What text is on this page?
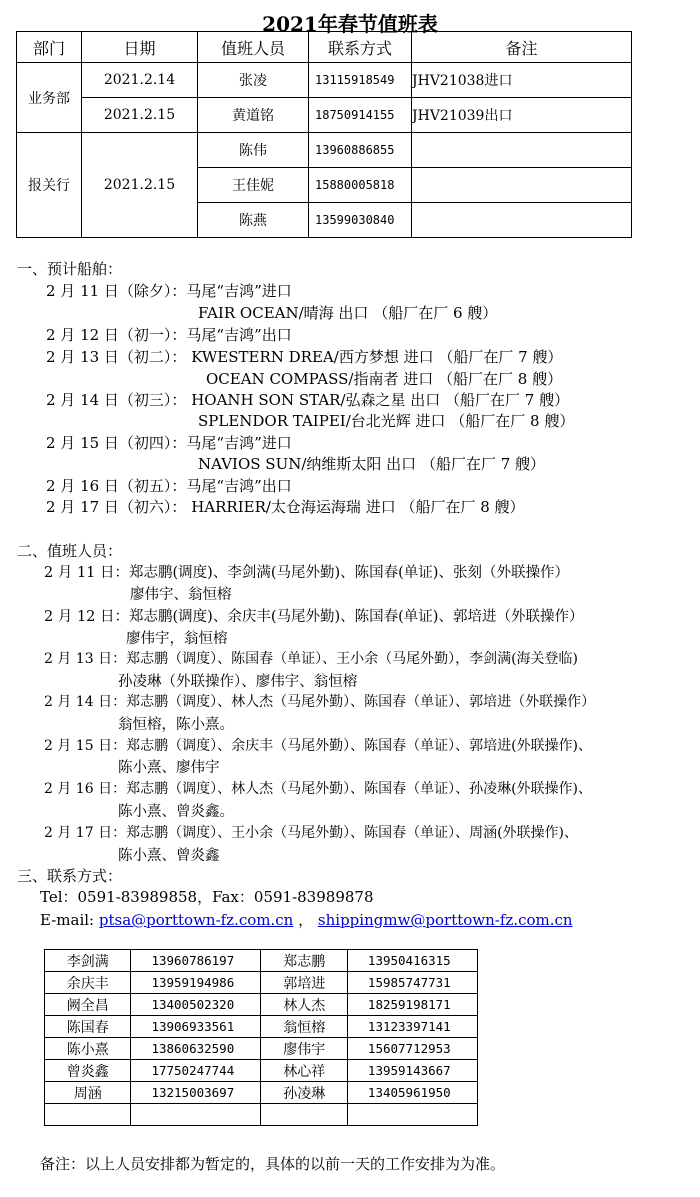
2021年春节值班表
部门	日期	值班人员	联系方式	备注
业务部	2021.2.14	张凌	13115918549	JHV21038进口
	2021.2.15	黄道铭	18750914155	JHV21039出口
报关行	2021.2.15	陈伟	13960886855	
		王佳妮	15880005818	
		陈燕	13599030840	
一、预计船舶：
2 月 11 日（除夕）：马尾“吉鸿”进口
FAIR OCEAN/晴海 出口 （船厂在厂 6 艘）
2 月 12 日（初一）：马尾“吉鸿”出口
2 月 13 日（初二）： KWESTERN DREA/西方梦想 进口 （船厂在厂 7 艘）
OCEAN COMPASS/指南者 进口 （船厂在厂 8 艘）
2 月 14 日（初三）： HOANH SON STAR/弘森之星 出口 （船厂在厂 7 艘）
SPLENDOR TAIPEI/台北光辉 进口 （船厂在厂 8 艘）
2 月 15 日（初四）：马尾“吉鸿”进口
NAVIOS SUN/纳维斯太阳 出口 （船厂在厂 7 艘）
2 月 16 日（初五）：马尾“吉鸿”出口
2 月 17 日（初六）： HARRIER/太仓海运海瑞 进口 （船厂在厂 8 艘）
二、值班人员：
2 月 11 日：郑志鹏(调度)、李剑满(马尾外勤)、陈国春(单证)、张刻（外联操作）
廖伟宇、翁恒榕
2 月 12 日：郑志鹏(调度)、余庆丰(马尾外勤)、陈国春(单证)、郭培进（外联操作）
廖伟宇，翁恒榕
2 月 13 日：郑志鹏（调度）、陈国春（单证）、王小余（马尾外勤），李剑满(海关登临)
孙凌琳（外联操作）、廖伟宇、翁恒榕
2 月 14 日：郑志鹏（调度）、林人杰（马尾外勤）、陈国春（单证）、郭培进（外联操作）
翁恒榕，陈小熹。
2 月 15 日：郑志鹏（调度）、余庆丰（马尾外勤）、陈国春（单证）、郭培进(外联操作)、
陈小熹、廖伟宇
2 月 16 日：郑志鹏（调度）、林人杰（马尾外勤）、陈国春（单证）、孙凌琳(外联操作)、
陈小熹、曾炎鑫。
2 月 17 日：郑志鹏（调度）、王小余（马尾外勤）、陈国春（单证）、周涵(外联操作)、
陈小熹、曾炎鑫
三、联系方式：
Tel：0591-83989858，Fax：0591-83989878
E-mail: ptsa@porttown-fz.com.cn ， shippingmw@porttown-fz.com.cn
李剑满	13960786197	郑志鹏	13950416315
余庆丰	13959194986	郭培进	15985747731
阙全昌	13400502320	林人杰	18259198171
陈国春	13906933561	翁恒榕	13123397141
陈小熹	13860632590	廖伟宇	15607712953
曾炎鑫	17750247744	林心祥	13959143667
周涵	13215003697	孙凌琳	13405961950

备注：以上人员安排都为暂定的，具体的以前一天的工作安排为为准。
